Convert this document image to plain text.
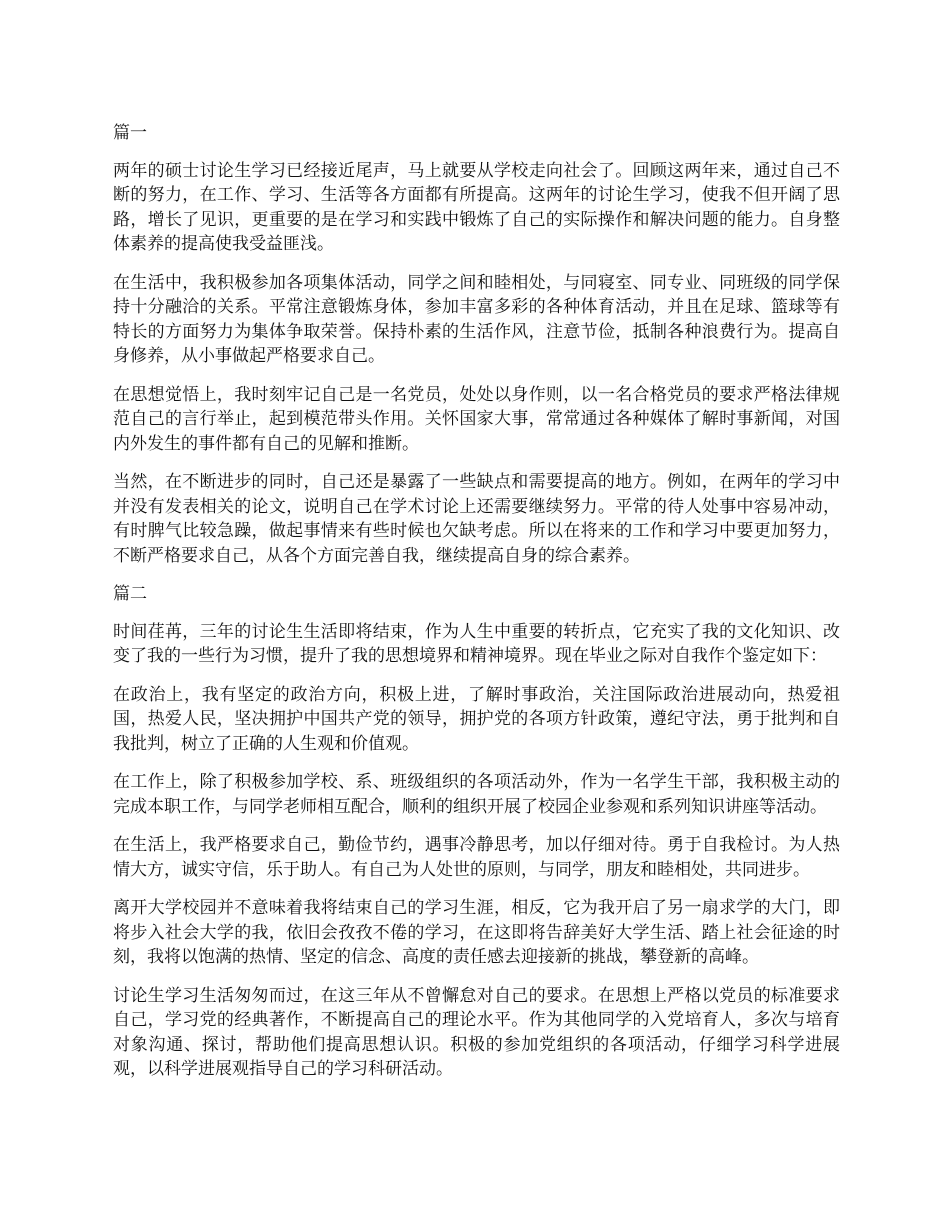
篇一

两年的硕士讨论生学习已经接近尾声，马上就要从学校走向社会了。回顾这两年来，通过自己不断的努力，在工作、学习、生活等各方面都有所提高。这两年的讨论生学习，使我不但开阔了思路，增长了见识，更重要的是在学习和实践中锻炼了自己的实际操作和解决问题的能力。自身整体素养的提高使我受益匪浅。

在生活中，我积极参加各项集体活动，同学之间和睦相处，与同寝室、同专业、同班级的同学保持十分融洽的关系。平常注意锻炼身体，参加丰富多彩的各种体育活动，并且在足球、篮球等有特长的方面努力为集体争取荣誉。保持朴素的生活作风，注意节俭，抵制各种浪费行为。提高自身修养，从小事做起严格要求自己。

在思想觉悟上，我时刻牢记自己是一名党员，处处以身作则，以一名合格党员的要求严格法律规范自己的言行举止，起到模范带头作用。关怀国家大事，常常通过各种媒体了解时事新闻，对国内外发生的事件都有自己的见解和推断。

当然，在不断进步的同时，自己还是暴露了一些缺点和需要提高的地方。例如，在两年的学习中并没有发表相关的论文，说明自己在学术讨论上还需要继续努力。平常的待人处事中容易冲动，有时脾气比较急躁，做起事情来有些时候也欠缺考虑。所以在将来的工作和学习中要更加努力，不断严格要求自己，从各个方面完善自我，继续提高自身的综合素养。

篇二

时间荏苒，三年的讨论生生活即将结束，作为人生中重要的转折点，它充实了我的文化知识、改变了我的一些行为习惯，提升了我的思想境界和精神境界。现在毕业之际对自我作个鉴定如下：

在政治上，我有坚定的政治方向，积极上进，了解时事政治，关注国际政治进展动向，热爱祖国，热爱人民，坚决拥护中国共产党的领导，拥护党的各项方针政策，遵纪守法，勇于批判和自我批判，树立了正确的人生观和价值观。

在工作上，除了积极参加学校、系、班级组织的各项活动外，作为一名学生干部，我积极主动的完成本职工作，与同学老师相互配合，顺利的组织开展了校园企业参观和系列知识讲座等活动。

在生活上，我严格要求自己，勤俭节约，遇事冷静思考，加以仔细对待。勇于自我检讨。为人热情大方，诚实守信，乐于助人。有自己为人处世的原则，与同学，朋友和睦相处，共同进步。

离开大学校园并不意味着我将结束自己的学习生涯，相反，它为我开启了另一扇求学的大门，即将步入社会大学的我，依旧会孜孜不倦的学习，在这即将告辞美好大学生活、踏上社会征途的时刻，我将以饱满的热情、坚定的信念、高度的责任感去迎接新的挑战，攀登新的高峰。

讨论生学习生活匆匆而过，在这三年从不曾懈怠对自己的要求。在思想上严格以党员的标准要求自己，学习党的经典著作，不断提高自己的理论水平。作为其他同学的入党培育人，多次与培育对象沟通、探讨，帮助他们提高思想认识。积极的参加党组织的各项活动，仔细学习科学进展观，以科学进展观指导自己的学习科研活动。
